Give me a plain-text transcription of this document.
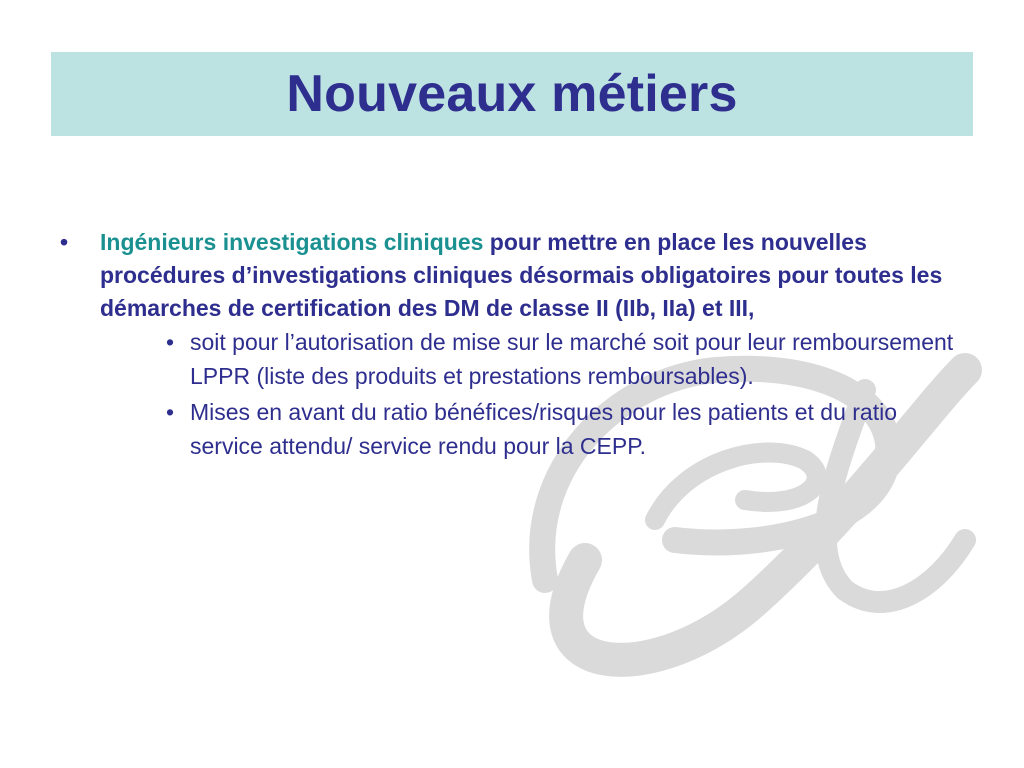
Nouveaux métiers
• Ingénieurs investigations cliniques pour mettre en place les nouvelles procédures d’investigations cliniques désormais obligatoires pour toutes les démarches de certification des DM de classe II (IIb, IIa) et III,
• soit pour l’autorisation de mise sur le marché soit pour leur remboursement LPPR (liste des produits et prestations remboursables).
• Mises en avant du ratio bénéfices/risques pour les patients et du ratio service attendu/ service rendu pour la CEPP.
